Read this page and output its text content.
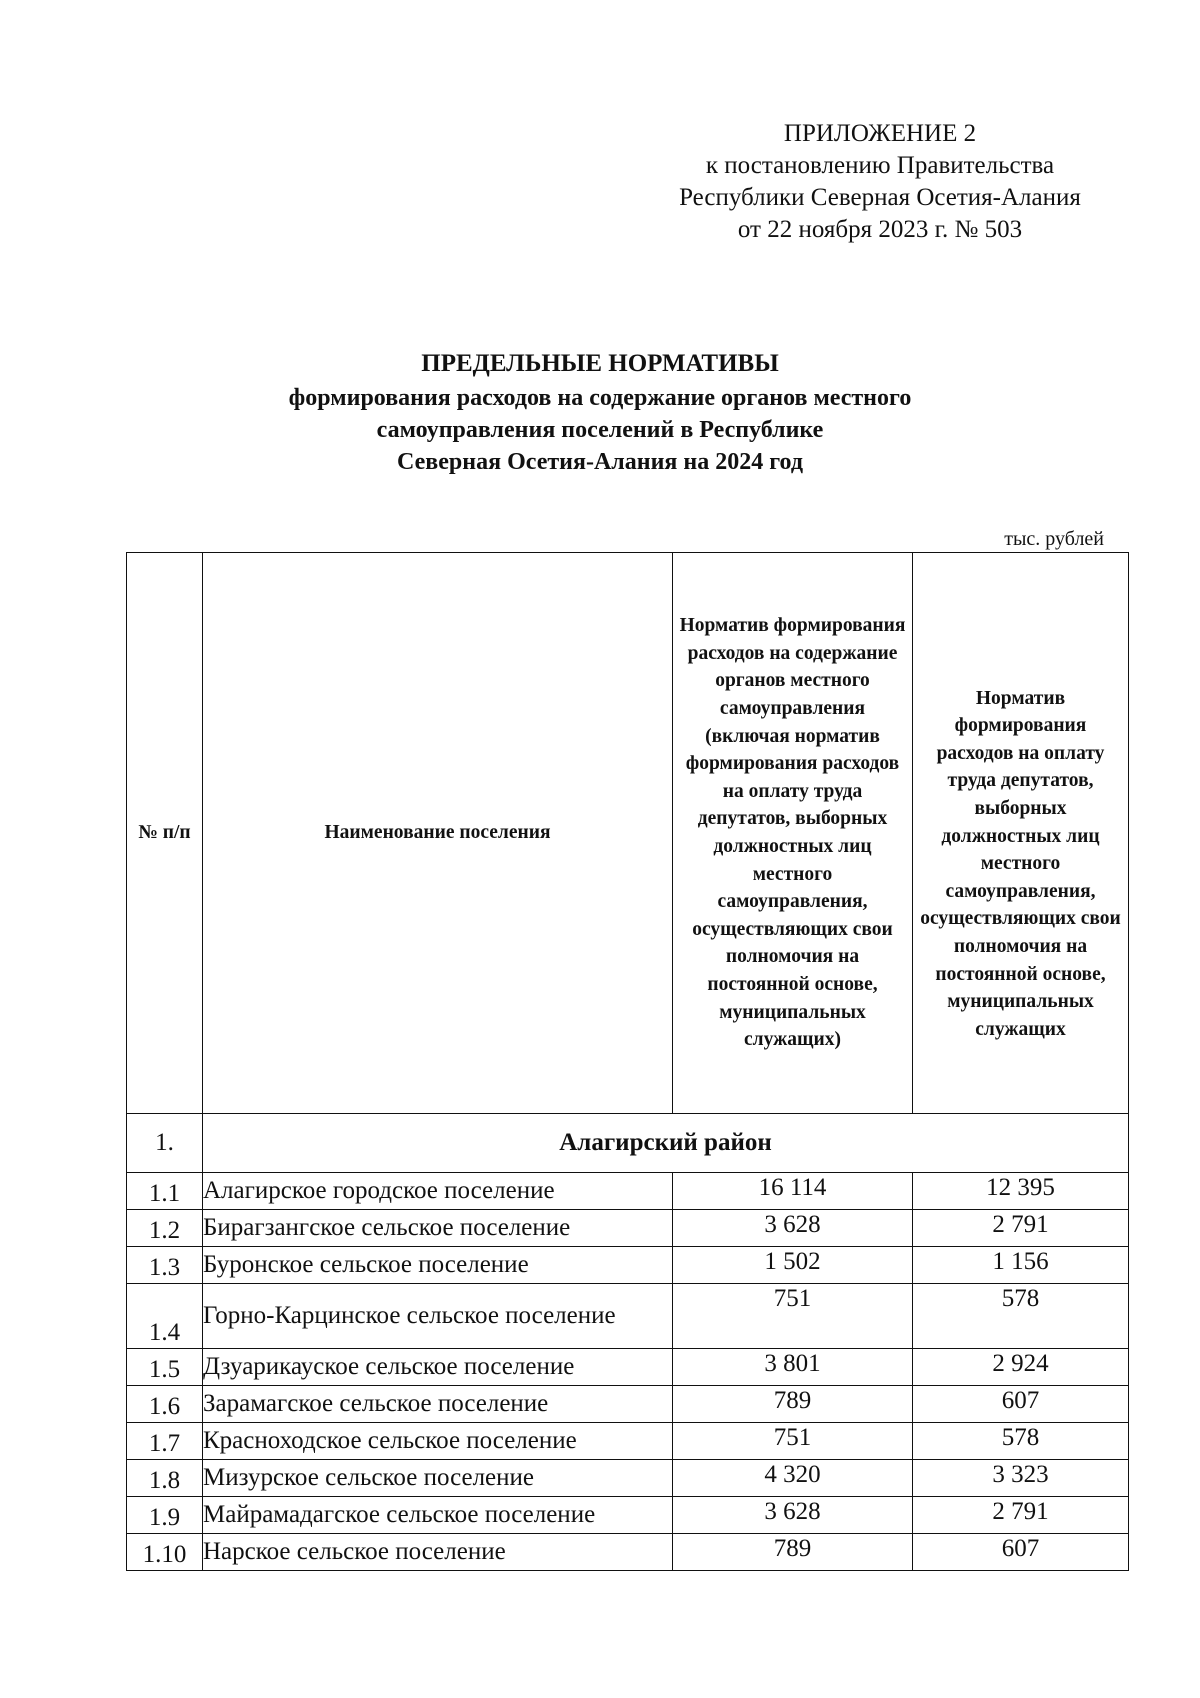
ПРИЛОЖЕНИЕ 2
к постановлению Правительства
Республики Северная Осетия-Алания
от 22 ноября 2023 г. № 503
ПРЕДЕЛЬНЫЕ НОРМАТИВЫ
формирования расходов на содержание органов местного
самоуправления поселений в Республике
Северная Осетия-Алания на 2024 год
тыс. рублей
№ п/п	Наименование поселения	Норматив формирования расходов на содержание органов местного самоуправления (включая норматив формирования расходов на оплату труда депутатов, выборных должностных лиц местного самоуправления, осуществляющих свои полномочия на постоянной основе, муниципальных служащих)	Норматив формирования расходов на оплату труда депутатов, выборных должностных лиц местного самоуправления, осуществляющих свои полномочия на постоянной основе, муниципальных служащих

1.	Алагирский район		
1.1	Алагирское городское поселение	16 114	12 395
1.2	Бирагзангское сельское поселение	3 628	2 791
1.3	Буронское сельское поселение	1 502	1 156
1.4	Горно-Карцинское сельское поселение	751	578
1.5	Дзуарикауское сельское поселение	3 801	2 924
1.6	Зарамагское сельское поселение	789	607
1.7	Красноходское сельское поселение	751	578
1.8	Мизурское сельское поселение	4 320	3 323
1.9	Майрамадагское сельское поселение	3 628	2 791
1.10	Нарское сельское поселение	789	607
